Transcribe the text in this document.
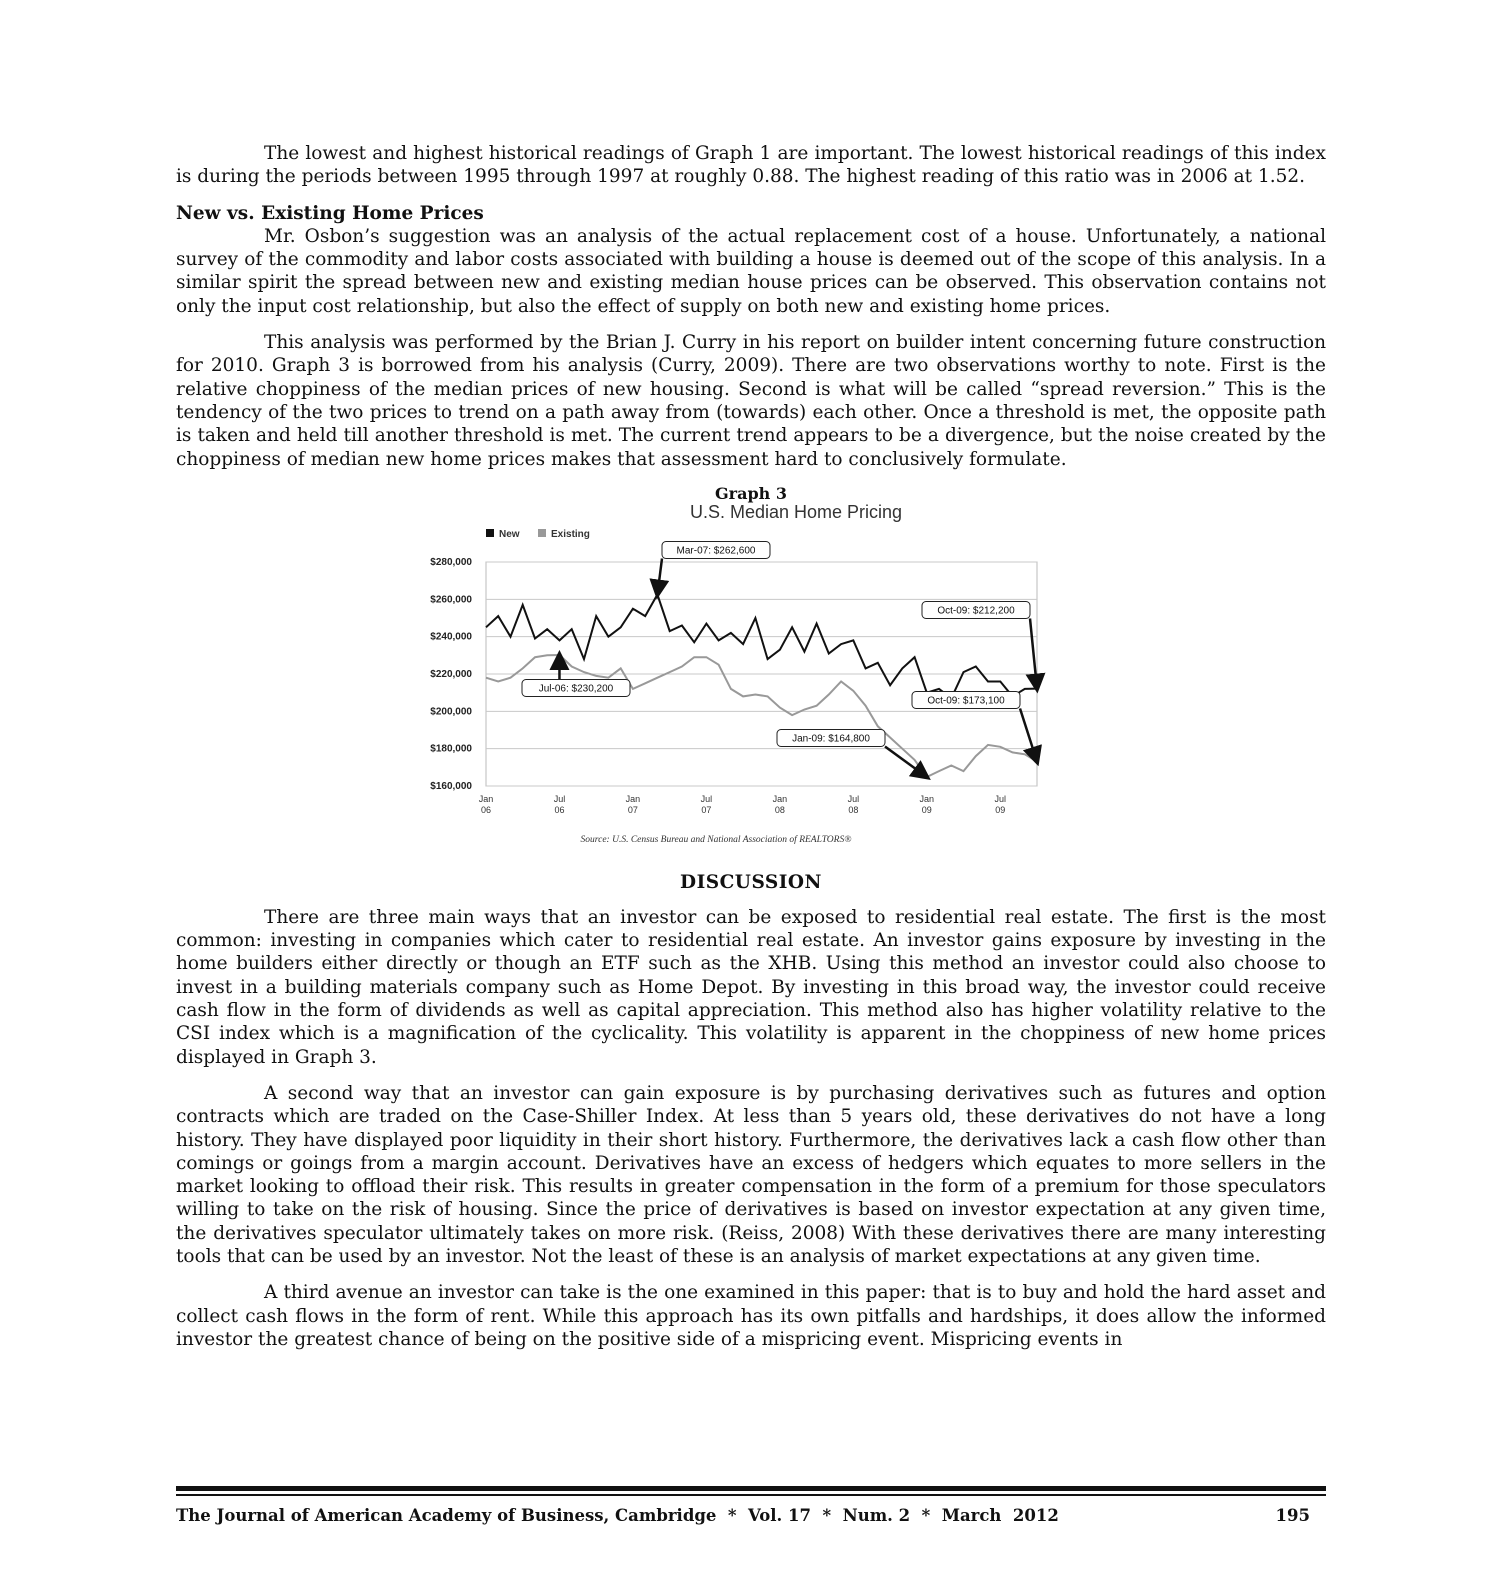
The lowest and highest historical readings of Graph 1 are important. The lowest historical readings of this index is during the periods between 1995 through 1997 at roughly 0.88. The highest reading of this ratio was in 2006 at 1.52.

New vs. Existing Home Prices

Mr. Osbon’s suggestion was an analysis of the actual replacement cost of a house. Unfortunately, a national survey of the commodity and labor costs associated with building a house is deemed out of the scope of this analysis. In a similar spirit the spread between new and existing median house prices can be observed. This observation contains not only the input cost relationship, but also the effect of supply on both new and existing home prices.

This analysis was performed by the Brian J. Curry in his report on builder intent concerning future construction for 2010. Graph 3 is borrowed from his analysis (Curry, 2009). There are two observations worthy to note. First is the relative choppiness of the median prices of new housing. Second is what will be called “spread reversion.” This is the tendency of the two prices to trend on a path away from (towards) each other. Once a threshold is met, the opposite path is taken and held till another threshold is met. The current trend appears to be a divergence, but the noise created by the choppiness of median new home prices makes that assessment hard to conclusively formulate.

Graph 3
U.S. Median Home Pricing
$160,000
$180,000
$200,000
$220,000
$240,000
$260,000
$280,000
Jan
06
Jul
06
Jan
07
Jul
07
Jan
08
Jul
08
Jan
09
Jul
09
New	Existing
Mar-07: $262,600
Oct-09: $212,200
Jul-06: $230,200
Oct-09: $173,100
Jan-09: $164,800
Source: U.S. Census Bureau and National Association of REALTORS®
DISCUSSION

There are three main ways that an investor can be exposed to residential real estate. The first is the most common: investing in companies which cater to residential real estate. An investor gains exposure by investing in the home builders either directly or though an ETF such as the XHB. Using this method an investor could also choose to invest in a building materials company such as Home Depot. By investing in this broad way, the investor could receive cash flow in the form of dividends as well as capital appreciation. This method also has higher volatility relative to the CSI index which is a magnification of the cyclicality. This volatility is apparent in the choppiness of new home prices displayed in Graph 3.

A second way that an investor can gain exposure is by purchasing derivatives such as futures and option contracts which are traded on the Case-Shiller Index. At less than 5 years old, these derivatives do not have a long history. They have displayed poor liquidity in their short history. Furthermore, the derivatives lack a cash flow other than comings or goings from a margin account. Derivatives have an excess of hedgers which equates to more sellers in the market looking to offload their risk. This results in greater compensation in the form of a premium for those speculators willing to take on the risk of housing. Since the price of derivatives is based on investor expectation at any given time, the derivatives speculator ultimately takes on more risk. (Reiss, 2008) With these derivatives there are many interesting tools that can be used by an investor. Not the least of these is an analysis of market expectations at any given time.

A third avenue an investor can take is the one examined in this paper: that is to buy and hold the hard asset and collect cash flows in the form of rent. While this approach has its own pitfalls and hardships, it does allow the informed investor the greatest chance of being on the positive side of a mispricing event. Mispricing events in

The Journal of American Academy of Business, Cambridge  *  Vol. 17  *  Num. 2  *  March  2012	195
